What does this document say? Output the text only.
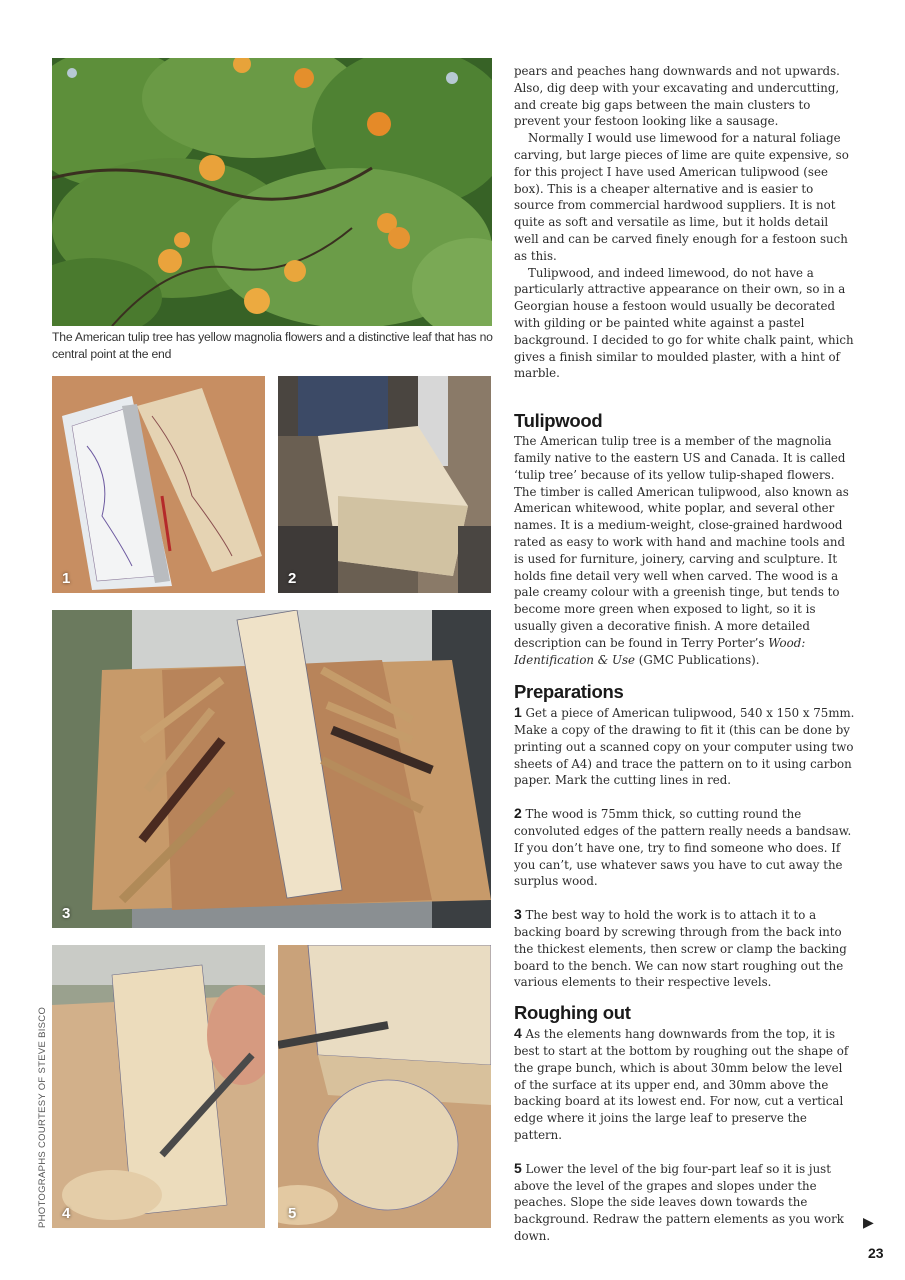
The American tulip tree has yellow magnolia flowers and a distinctive leaf that has no central point at the end
1	2
3
4	5
PHOTOGRAPHS COURTESY OF STEVE BISCO

pears and peaches hang downwards and not upwards. Also, dig deep with your excavating and undercutting, and create big gaps between the main clusters to prevent your festoon looking like a sausage.

Normally I would use limewood for a natural foliage carving, but large pieces of lime are quite expensive, so for this project I have used American tulipwood (see box). This is a cheaper alternative and is easier to source from commercial hardwood suppliers. It is not quite as soft and versatile as lime, but it holds detail well and can be carved finely enough for a festoon such as this.

Tulipwood, and indeed limewood, do not have a particularly attractive appearance on their own, so in a Georgian house a festoon would usually be decorated with gilding or be painted white against a pastel background. I decided to go for white chalk paint, which gives a finish similar to moulded plaster, with a hint of marble.

Tulipwood

The American tulip tree is a member of the magnolia family native to the eastern US and Canada. It is called ‘tulip tree’ because of its yellow tulip-shaped flowers. The timber is called American tulipwood, also known as American whitewood, white poplar, and several other names. It is a medium-weight, close-grained hardwood rated as easy to work with hand and machine tools and is used for furniture, joinery, carving and sculpture. It holds fine detail very well when carved. The wood is a pale creamy colour with a greenish tinge, but tends to become more green when exposed to light, so it is usually given a decorative finish. A more detailed description can be found in Terry Porter’s Wood: Identification & Use (GMC Publications).

Preparations

1 Get a piece of American tulipwood, 540 x 150 x 75mm. Make a copy of the drawing to fit it (this can be done by printing out a scanned copy on your computer using two sheets of A4) and trace the pattern on to it using carbon paper. Mark the cutting lines in red.

2 The wood is 75mm thick, so cutting round the convoluted edges of the pattern really needs a bandsaw. If you don’t have one, try to find someone who does. If you can’t, use whatever saws you have to cut away the surplus wood.

3 The best way to hold the work is to attach it to a backing board by screwing through from the back into the thickest elements, then screw or clamp the backing board to the bench. We can now start roughing out the various elements to their respective levels.

Roughing out

4 As the elements hang downwards from the top, it is best to start at the bottom by roughing out the shape of the grape bunch, which is about 30mm below the level of the surface at its upper end, and 30mm above the backing board at its lowest end. For now, cut a vertical edge where it joins the large leaf to preserve the pattern.

5 Lower the level of the big four-part leaf so it is just above the level of the grapes and slopes under the peaches. Slope the side leaves down towards the background. Redraw the pattern elements as you work down.

▶
23
